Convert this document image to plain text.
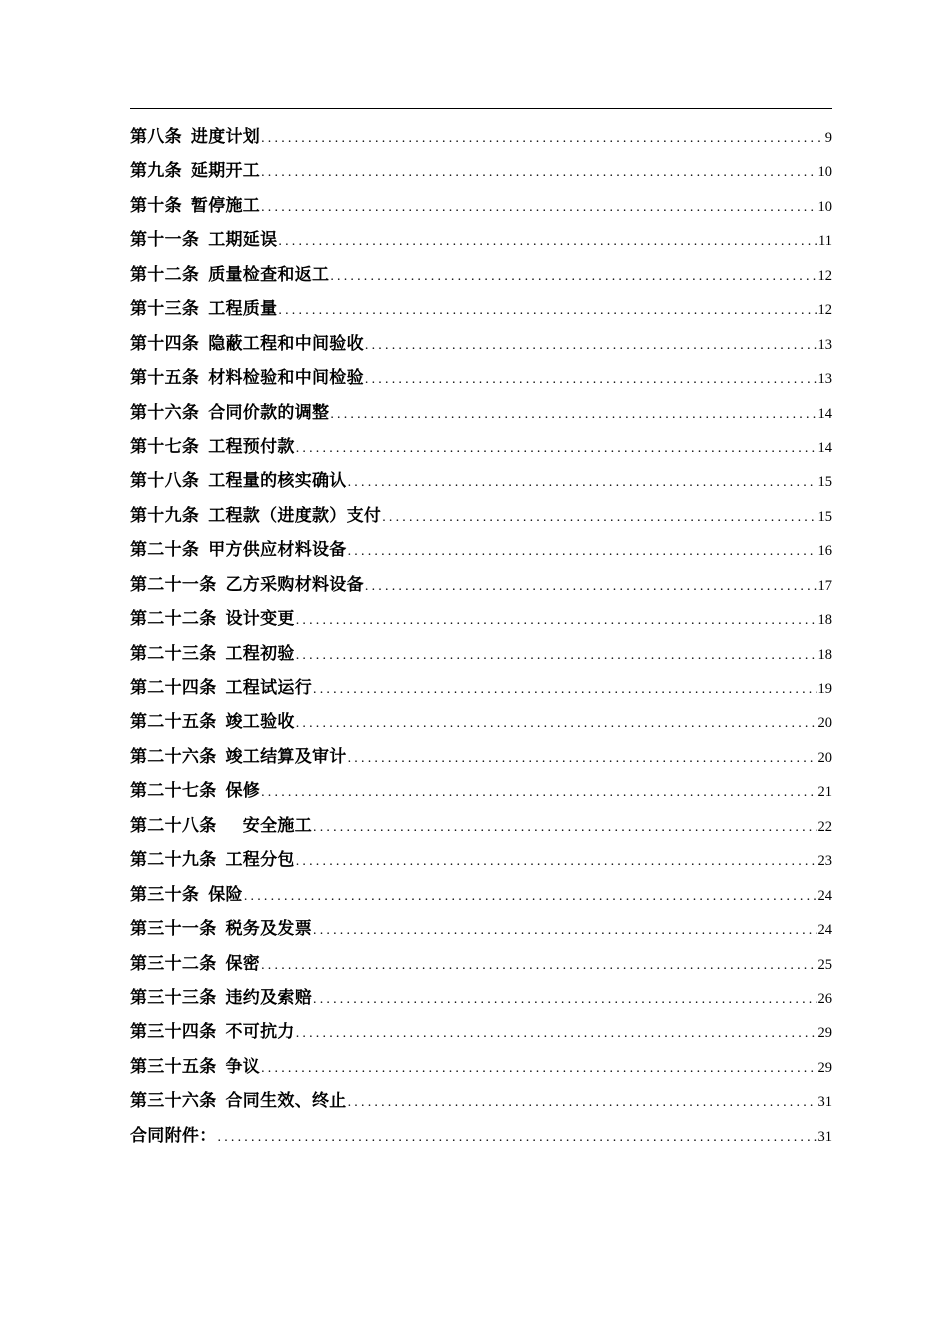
第八条 进度计划 .....	9
第九条 延期开工 .....	10
第十条 暂停施工 .....	10
第十一条 工期延误 .....	11
第十二条 质量检查和返工 .....	12
第十三条 工程质量 .....	12
第十四条 隐蔽工程和中间验收 .....	13
第十五条 材料检验和中间检验 .....	13
第十六条 合同价款的调整 .....	14
第十七条 工程预付款 .....	14
第十八条 工程量的核实确认 .....	15
第十九条 工程款（进度款）支付 .....	15
第二十条 甲方供应材料设备 .....	16
第二十一条 乙方采购材料设备 .....	17
第二十二条 设计变更 .....	18
第二十三条 工程初验 .....	18
第二十四条 工程试运行 .....	19
第二十五条 竣工验收 .....	20
第二十六条 竣工结算及审计 .....	20
第二十七条 保修 .....	21
第二十八条　安全施工 .....	22
第二十九条 工程分包 .....	23
第三十条 保险 .....	24
第三十一条 税务及发票 .....	24
第三十二条 保密 .....	25
第三十三条 违约及索赔 .....	26
第三十四条 不可抗力 .....	29
第三十五条 争议 .....	29
第三十六条 合同生效、终止 .....	31
合同附件： .....	31
